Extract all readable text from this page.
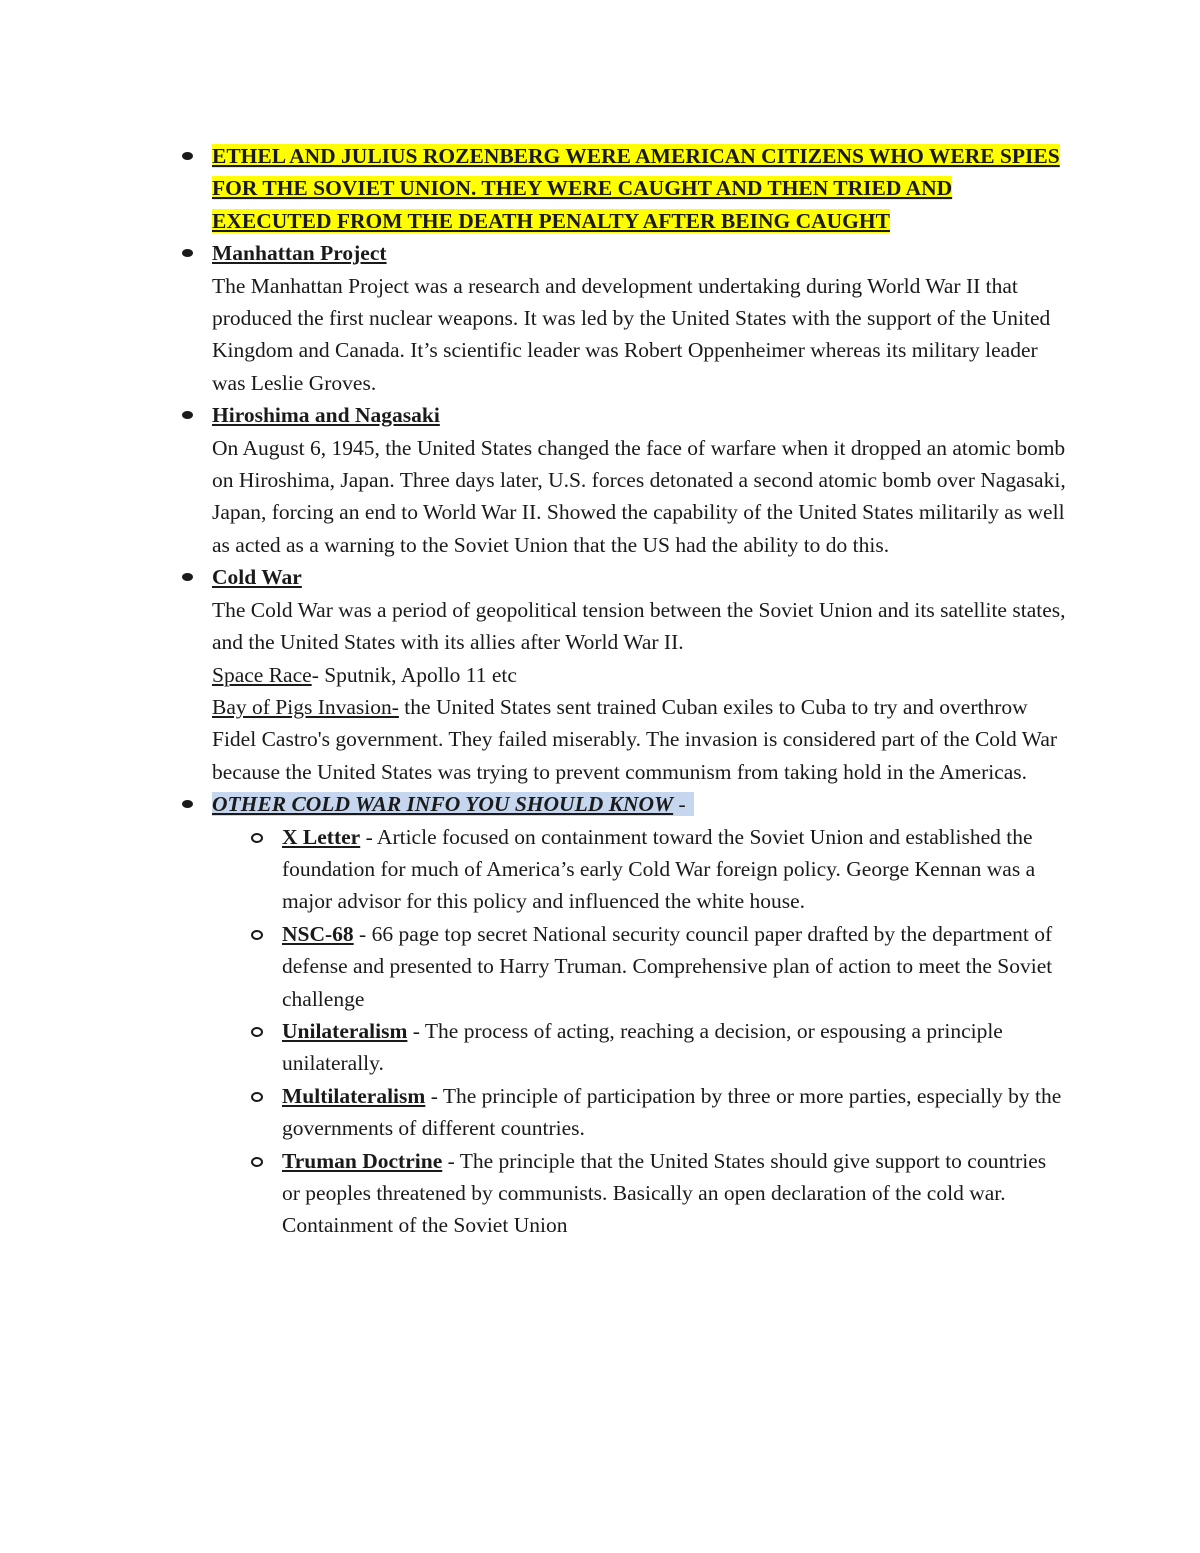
ETHEL AND JULIUS ROZENBERG WERE AMERICAN CITIZENS WHO WERE SPIES FOR THE SOVIET UNION. THEY WERE CAUGHT AND THEN TRIED AND EXECUTED FROM THE DEATH PENALTY AFTER BEING CAUGHT
Manhattan Project
The Manhattan Project was a research and development undertaking during World War II that produced the first nuclear weapons. It was led by the United States with the support of the United Kingdom and Canada. It’s scientific leader was Robert Oppenheimer whereas its military leader was Leslie Groves.
Hiroshima and Nagasaki
On August 6, 1945, the United States changed the face of warfare when it dropped an atomic bomb on Hiroshima, Japan. Three days later, U.S. forces detonated a second atomic bomb over Nagasaki, Japan, forcing an end to World War II. Showed the capability of the United States militarily as well as acted as a warning to the Soviet Union that the US had the ability to do this.
Cold War
The Cold War was a period of geopolitical tension between the Soviet Union and its satellite states, and the United States with its allies after World War II.
Space Race- Sputnik, Apollo 11 etc
Bay of Pigs Invasion- the United States sent trained Cuban exiles to Cuba to try and overthrow Fidel Castro's government. They failed miserably. The invasion is considered part of the Cold War because the United States was trying to prevent communism from taking hold in the Americas.
OTHER COLD WAR INFO YOU SHOULD KNOW -
X Letter - Article focused on containment toward the Soviet Union and established the foundation for much of America’s early Cold War foreign policy. George Kennan was a major advisor for this policy and influenced the white house.
NSC-68 - 66 page top secret National security council paper drafted by the department of defense and presented to Harry Truman. Comprehensive plan of action to meet the Soviet challenge
Unilateralism - The process of acting, reaching a decision, or espousing a principle unilaterally.
Multilateralism - The principle of participation by three or more parties, especially by the governments of different countries.
Truman Doctrine - The principle that the United States should give support to countries or peoples threatened by communists. Basically an open declaration of the cold war. Containment of the Soviet Union
